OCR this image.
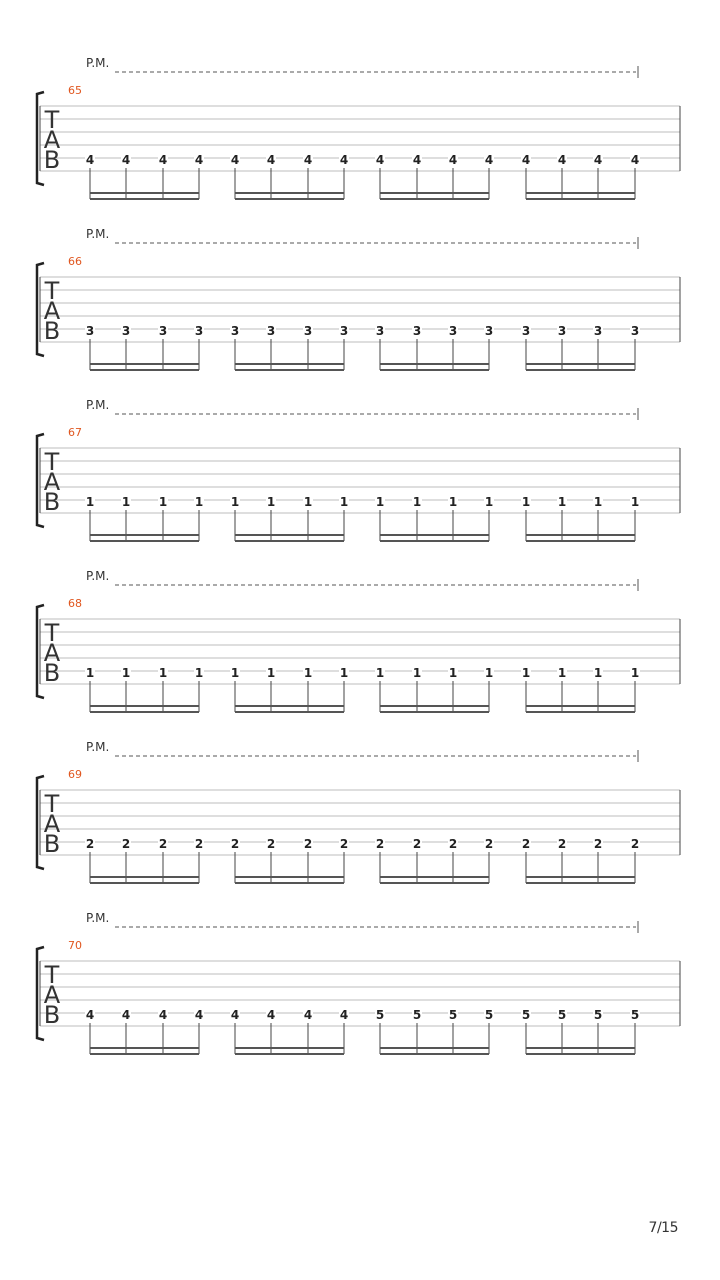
P.M.
65
T
A
B 4 4 4 4 4 4 4 4 4 4 4 4 4 4 4 4
P.M.
66
T
A
B 3 3 3 3 3 3 3 3 3 3 3 3 3 3 3 3
P.M.
67
T
A
B 1 1 1 1 1 1 1 1 1 1 1 1 1 1 1 1
P.M.
68
T
A
B 1 1 1 1 1 1 1 1 1 1 1 1 1 1 1 1
P.M.
69
T
A
B 2 2 2 2 2 2 2 2 2 2 2 2 2 2 2 2
P.M.
70
T
A
B 4 4 4 4 4 4 4 4 5 5 5 5 5 5 5 5
7/15
